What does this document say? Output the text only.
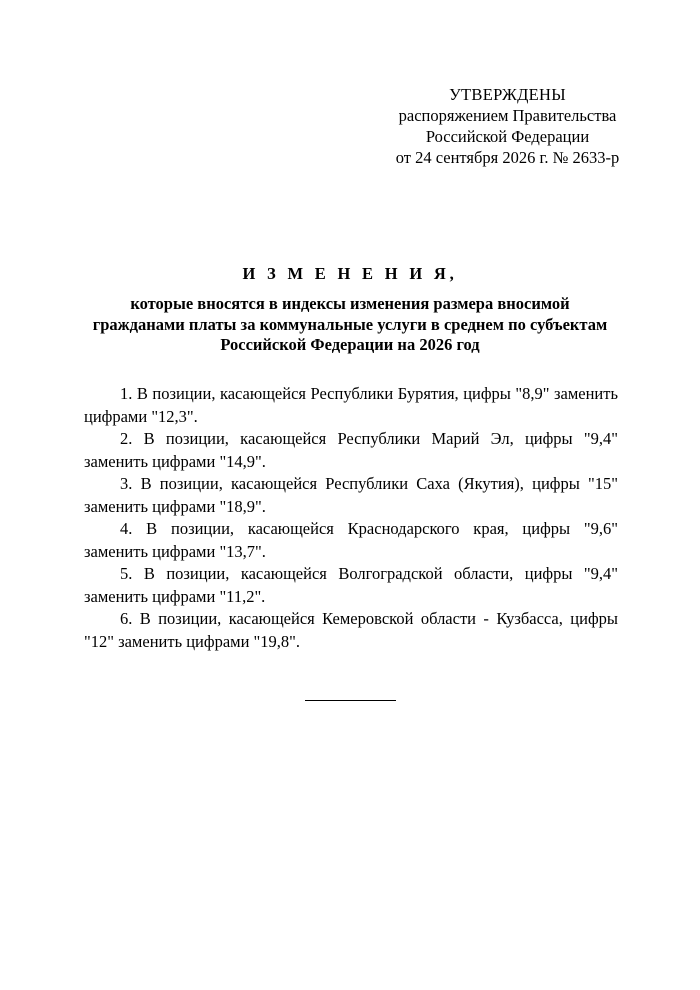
УТВЕРЖДЕНЫ
распоряжением Правительства
Российской Федерации
от 24 сентября 2026 г. № 2633-р
И З М Е Н Е Н И Я,
которые вносятся в индексы изменения размера вносимой
гражданами платы за коммунальные услуги в среднем по субъектам
Российской Федерации на 2026 год

1. В позиции, касающейся Республики Бурятия, цифры "8,9" заменить цифрами "12,3".

2. В позиции, касающейся Республики Марий Эл, цифры "9,4" заменить цифрами "14,9".

3. В позиции, касающейся Республики Саха (Якутия), цифры "15" заменить цифрами "18,9".

4. В позиции, касающейся Краснодарского края, цифры "9,6" заменить цифрами "13,7".

5. В позиции, касающейся Волгоградской области, цифры "9,4" заменить цифрами "11,2".

6. В позиции, касающейся Кемеровской области - Кузбасса, цифры "12" заменить цифрами "19,8".
